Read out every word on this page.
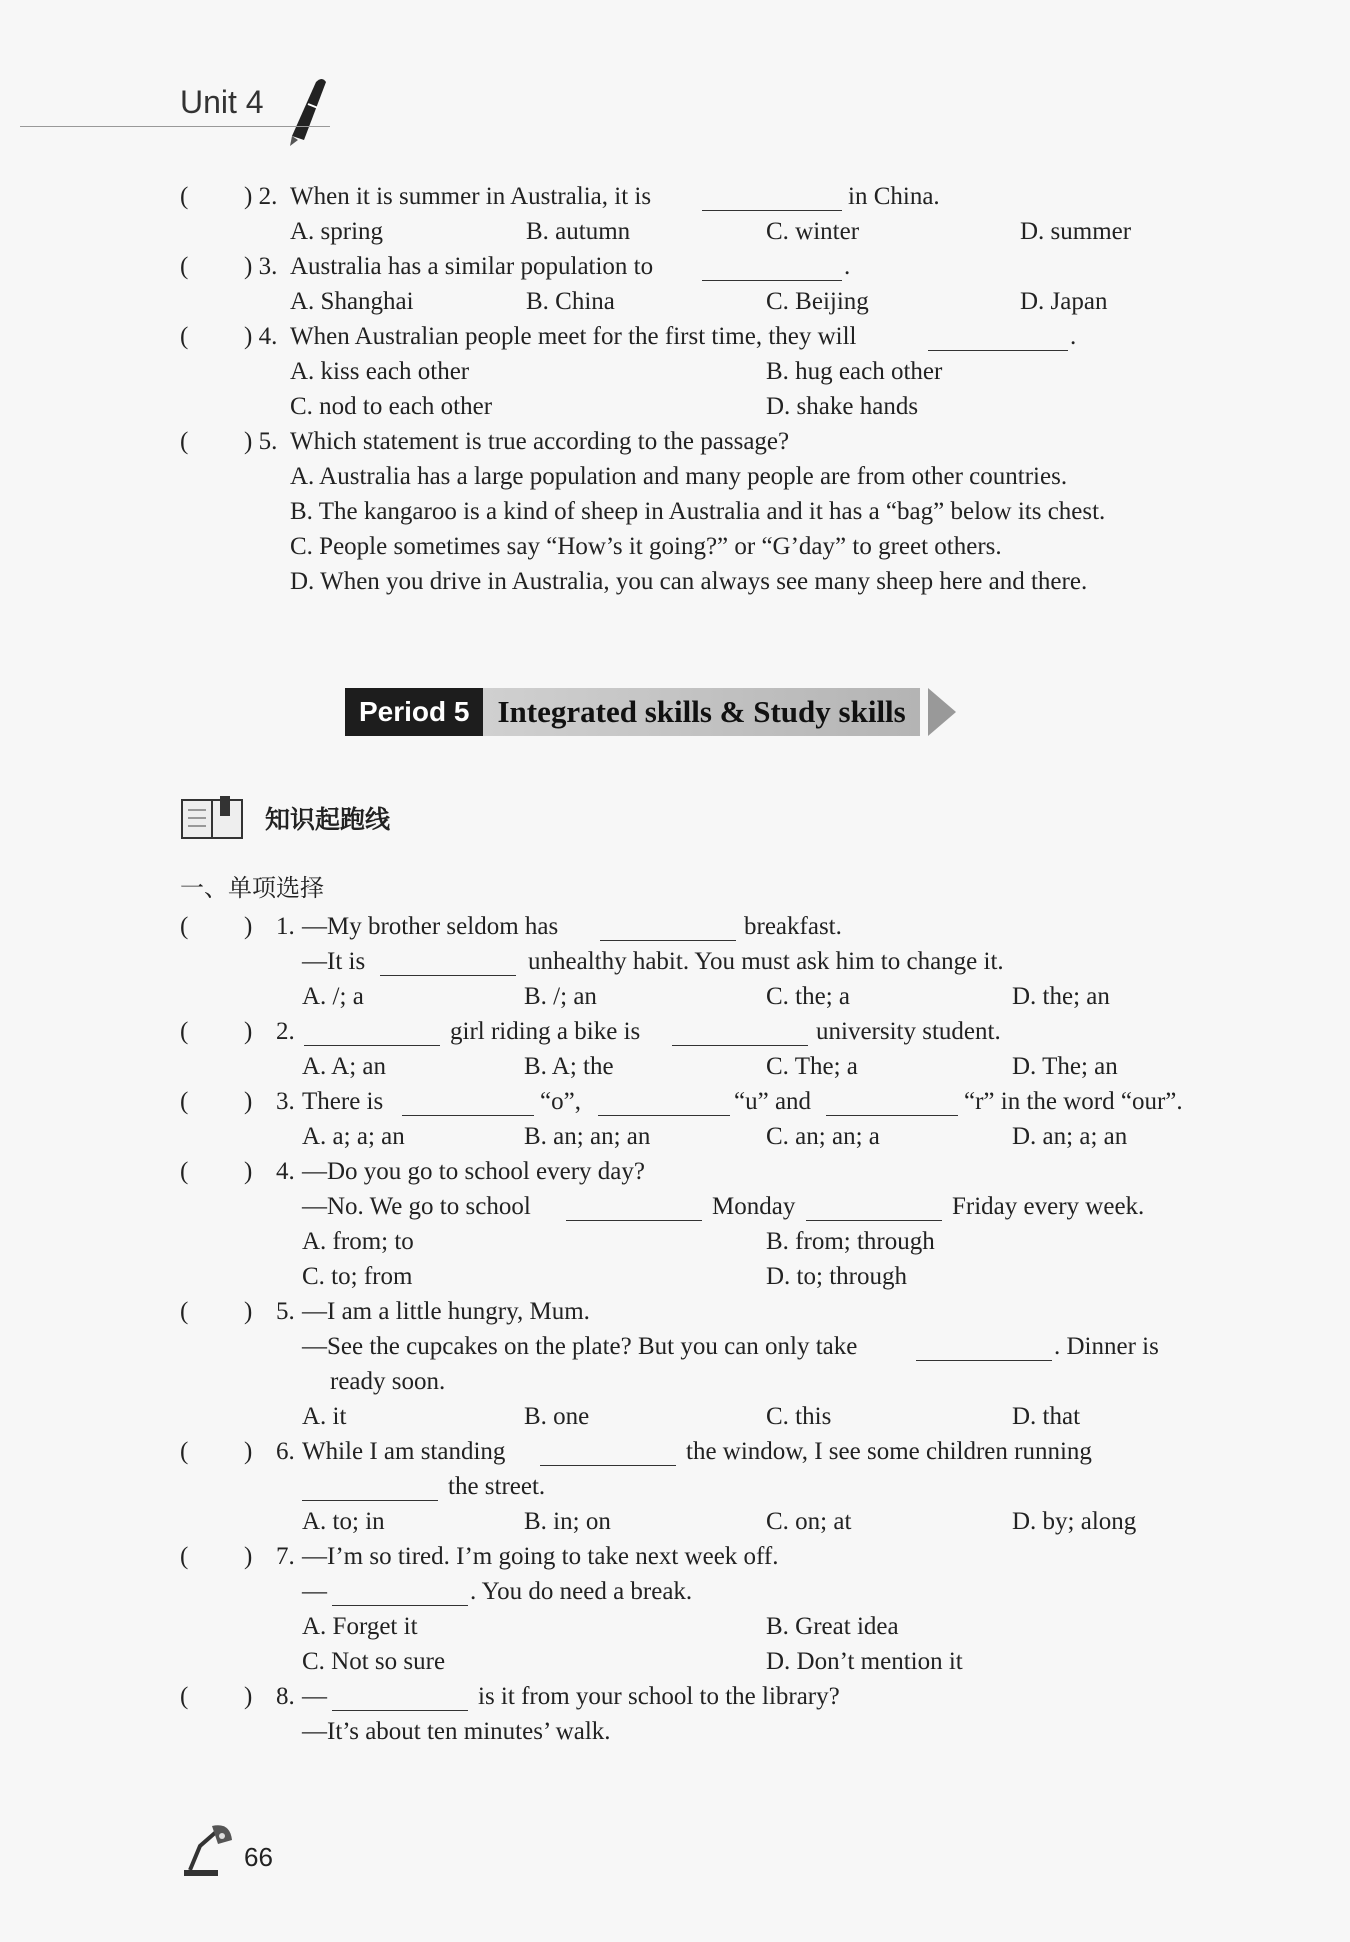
Unit 4
( ) 2. When it is summer in Australia, it is	in China.
A. spring	B. autumn	C. winter	D. summer
( ) 3. Australia has a similar population to	.
A. Shanghai	B. China	C. Beijing	D. Japan
( ) 4. When Australian people meet for the first time, they will	.
A. kiss each other	B. hug each other
C. nod to each other	D. shake hands
( ) 5. Which statement is true according to the passage?
A. Australia has a large population and many people are from other countries.
B. The kangaroo is a kind of sheep in Australia and it has a “bag” below its chest.
C. People sometimes say “How’s it going?” or “G’day” to greet others.
D. When you drive in Australia, you can always see many sheep here and there.
Period 5 Integrated skills & Study skills
知识起跑线
一、单项选择
( ) 1. —My brother seldom has	breakfast.
—It is	unhealthy habit. You must ask him to change it.
A. /; a	B. /; an	C. the; a	D. the; an
( ) 2.	girl riding a bike is	university student.
A. A; an	B. A; the	C. The; a	D. The; an
( ) 3. There is	“o”,	“u” and	“r” in the word “our”.
A. a; a; an	B. an; an; an	C. an; an; a	D. an; a; an
( ) 4. —Do you go to school every day?
—No. We go to school	Monday	Friday every week.
A. from; to	B. from; through
C. to; from	D. to; through
( ) 5. —I am a little hungry, Mum.
—See the cupcakes on the plate? But you can only take	. Dinner is
ready soon.
A. it	B. one	C. this	D. that
( ) 6. While I am standing	the window, I see some children running
the street.
A. to; in	B. in; on	C. on; at	D. by; along
( ) 7. —I’m so tired. I’m going to take next week off.
—	. You do need a break.
A. Forget it	B. Great idea
C. Not so sure	D. Don’t mention it
( ) 8. —	is it from your school to the library?
—It’s about ten minutes’ walk.
66
